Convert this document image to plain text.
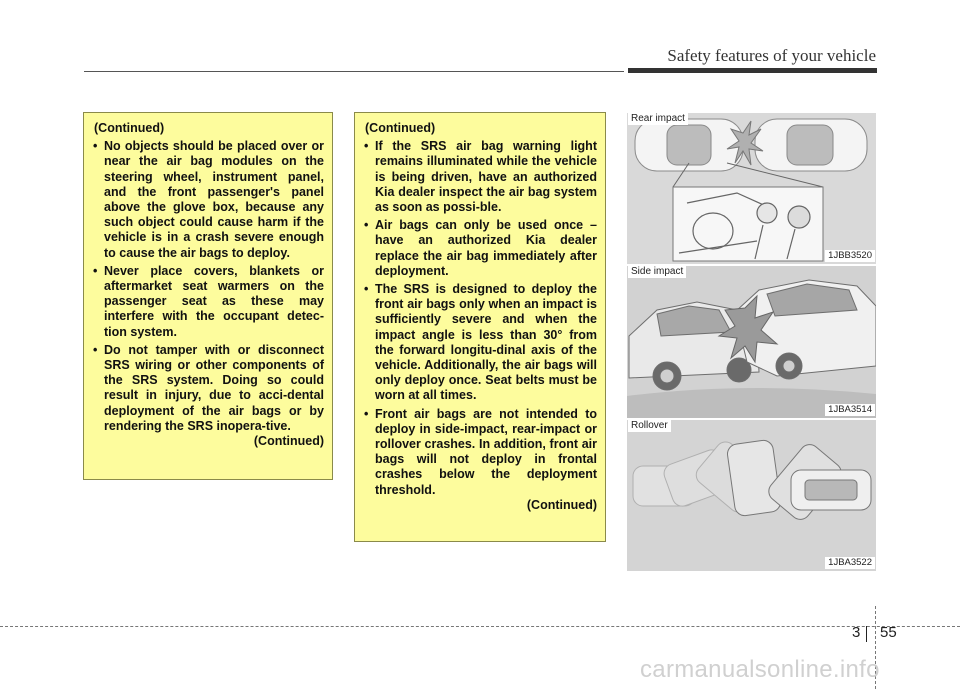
Safety features of your vehicle
(Continued)
• No objects should be placed over or near the air bag modules on the steering wheel, instrument panel, and the front passenger's panel above the glove box, because any such object could cause harm if the vehicle is in a crash severe enough to cause the air bags to deploy.
• Never place covers, blankets or aftermarket seat warmers on the passenger seat as these may interfere with the occupant detec-tion system.
• Do not tamper with or disconnect SRS wiring or other components of the SRS system. Doing so could result in injury, due to acci-dental deployment of the air bags or by rendering the SRS inopera-tive.
(Continued)
(Continued)
• If the SRS air bag warning light remains illuminated while the vehicle is being driven, have an authorized Kia dealer inspect the air bag system as soon as possi-ble.
• Air bags can only be used once – have an authorized Kia dealer replace the air bag immediately after deployment.
• The SRS is designed to deploy the front air bags only when an impact is sufficiently severe and when the impact angle is less than 30° from the forward longitu-dinal axis of the vehicle. Additionally, the air bags will only deploy once. Seat belts must be worn at all times.
• Front air bags are not intended to deploy in side-impact, rear-impact or rollover crashes. In addition, front air bags will not deploy in frontal crashes below the deployment threshold.
(Continued)
Rear impact
1JBB3520
Side impact
1JBA3514
Rollover
1JBA3522
3 55
carmanualsonline.info
